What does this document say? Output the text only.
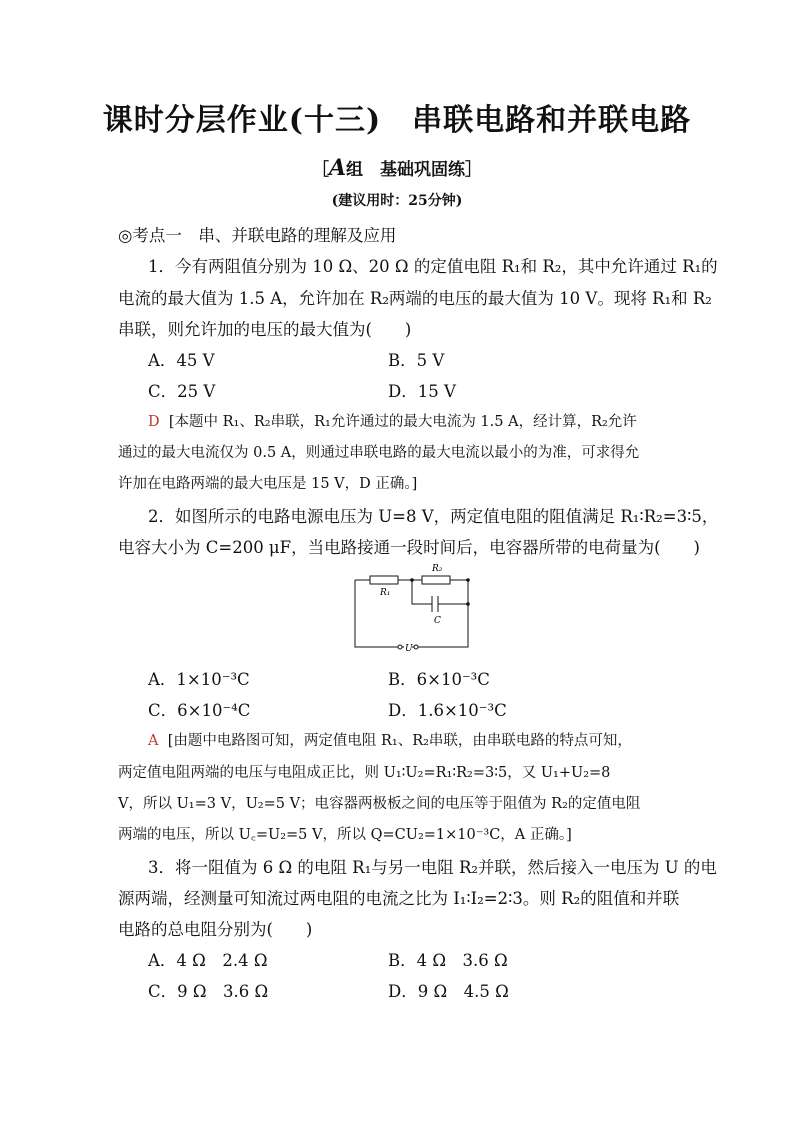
课时分层作业(十三)　串联电路和并联电路
［A组　基础巩固练］
(建议用时：25分钟)
◎考点一　串、并联电路的理解及应用
1．今有两阻值分别为 10 Ω、20 Ω 的定值电阻 R₁和 R₂，其中允许通过 R₁的
电流的最大值为 1.5 A，允许加在 R₂两端的电压的最大值为 10 V。现将 R₁和 R₂
串联，则允许加的电压的最大值为(　　)
A．45 V	B．5 V
C．25 V	D．15 V
D [本题中 R₁、R₂串联，R₁允许通过的最大电流为 1.5 A，经计算，R₂允许
通过的最大电流仅为 0.5 A，则通过串联电路的最大电流以最小的为准，可求得允
许加在电路两端的最大电压是 15 V，D 正确。]
2．如图所示的电路电源电压为 U=8 V，两定值电阻的阻值满足 R₁∶R₂=3∶5，
电容大小为 C=200 μF，当电路接通一段时间后，电容器所带的电荷量为(　　)
R₁
R₂
C
U
A．1×10⁻³C	B．6×10⁻³C
C．6×10⁻⁴C	D．1.6×10⁻³C
A [由题中电路图可知，两定值电阻 R₁、R₂串联，由串联电路的特点可知，
两定值电阻两端的电压与电阻成正比，则 U₁∶U₂=R₁∶R₂=3∶5，又 U₁+U₂=8
V，所以 U₁=3 V，U₂=5 V；电容器两极板之间的电压等于阻值为 R₂的定值电阻
两端的电压，所以 U꜀=U₂=5 V，所以 Q=CU₂=1×10⁻³C，A 正确。]
3．将一阻值为 6 Ω 的电阻 R₁与另一电阻 R₂并联，然后接入一电压为 U 的电
源两端，经测量可知流过两电阻的电流之比为 I₁∶I₂=2∶3。则 R₂的阻值和并联
电路的总电阻分别为(　　)
A．4 Ω　2.4 Ω	B．4 Ω　3.6 Ω
C．9 Ω　3.6 Ω	D．9 Ω　4.5 Ω
